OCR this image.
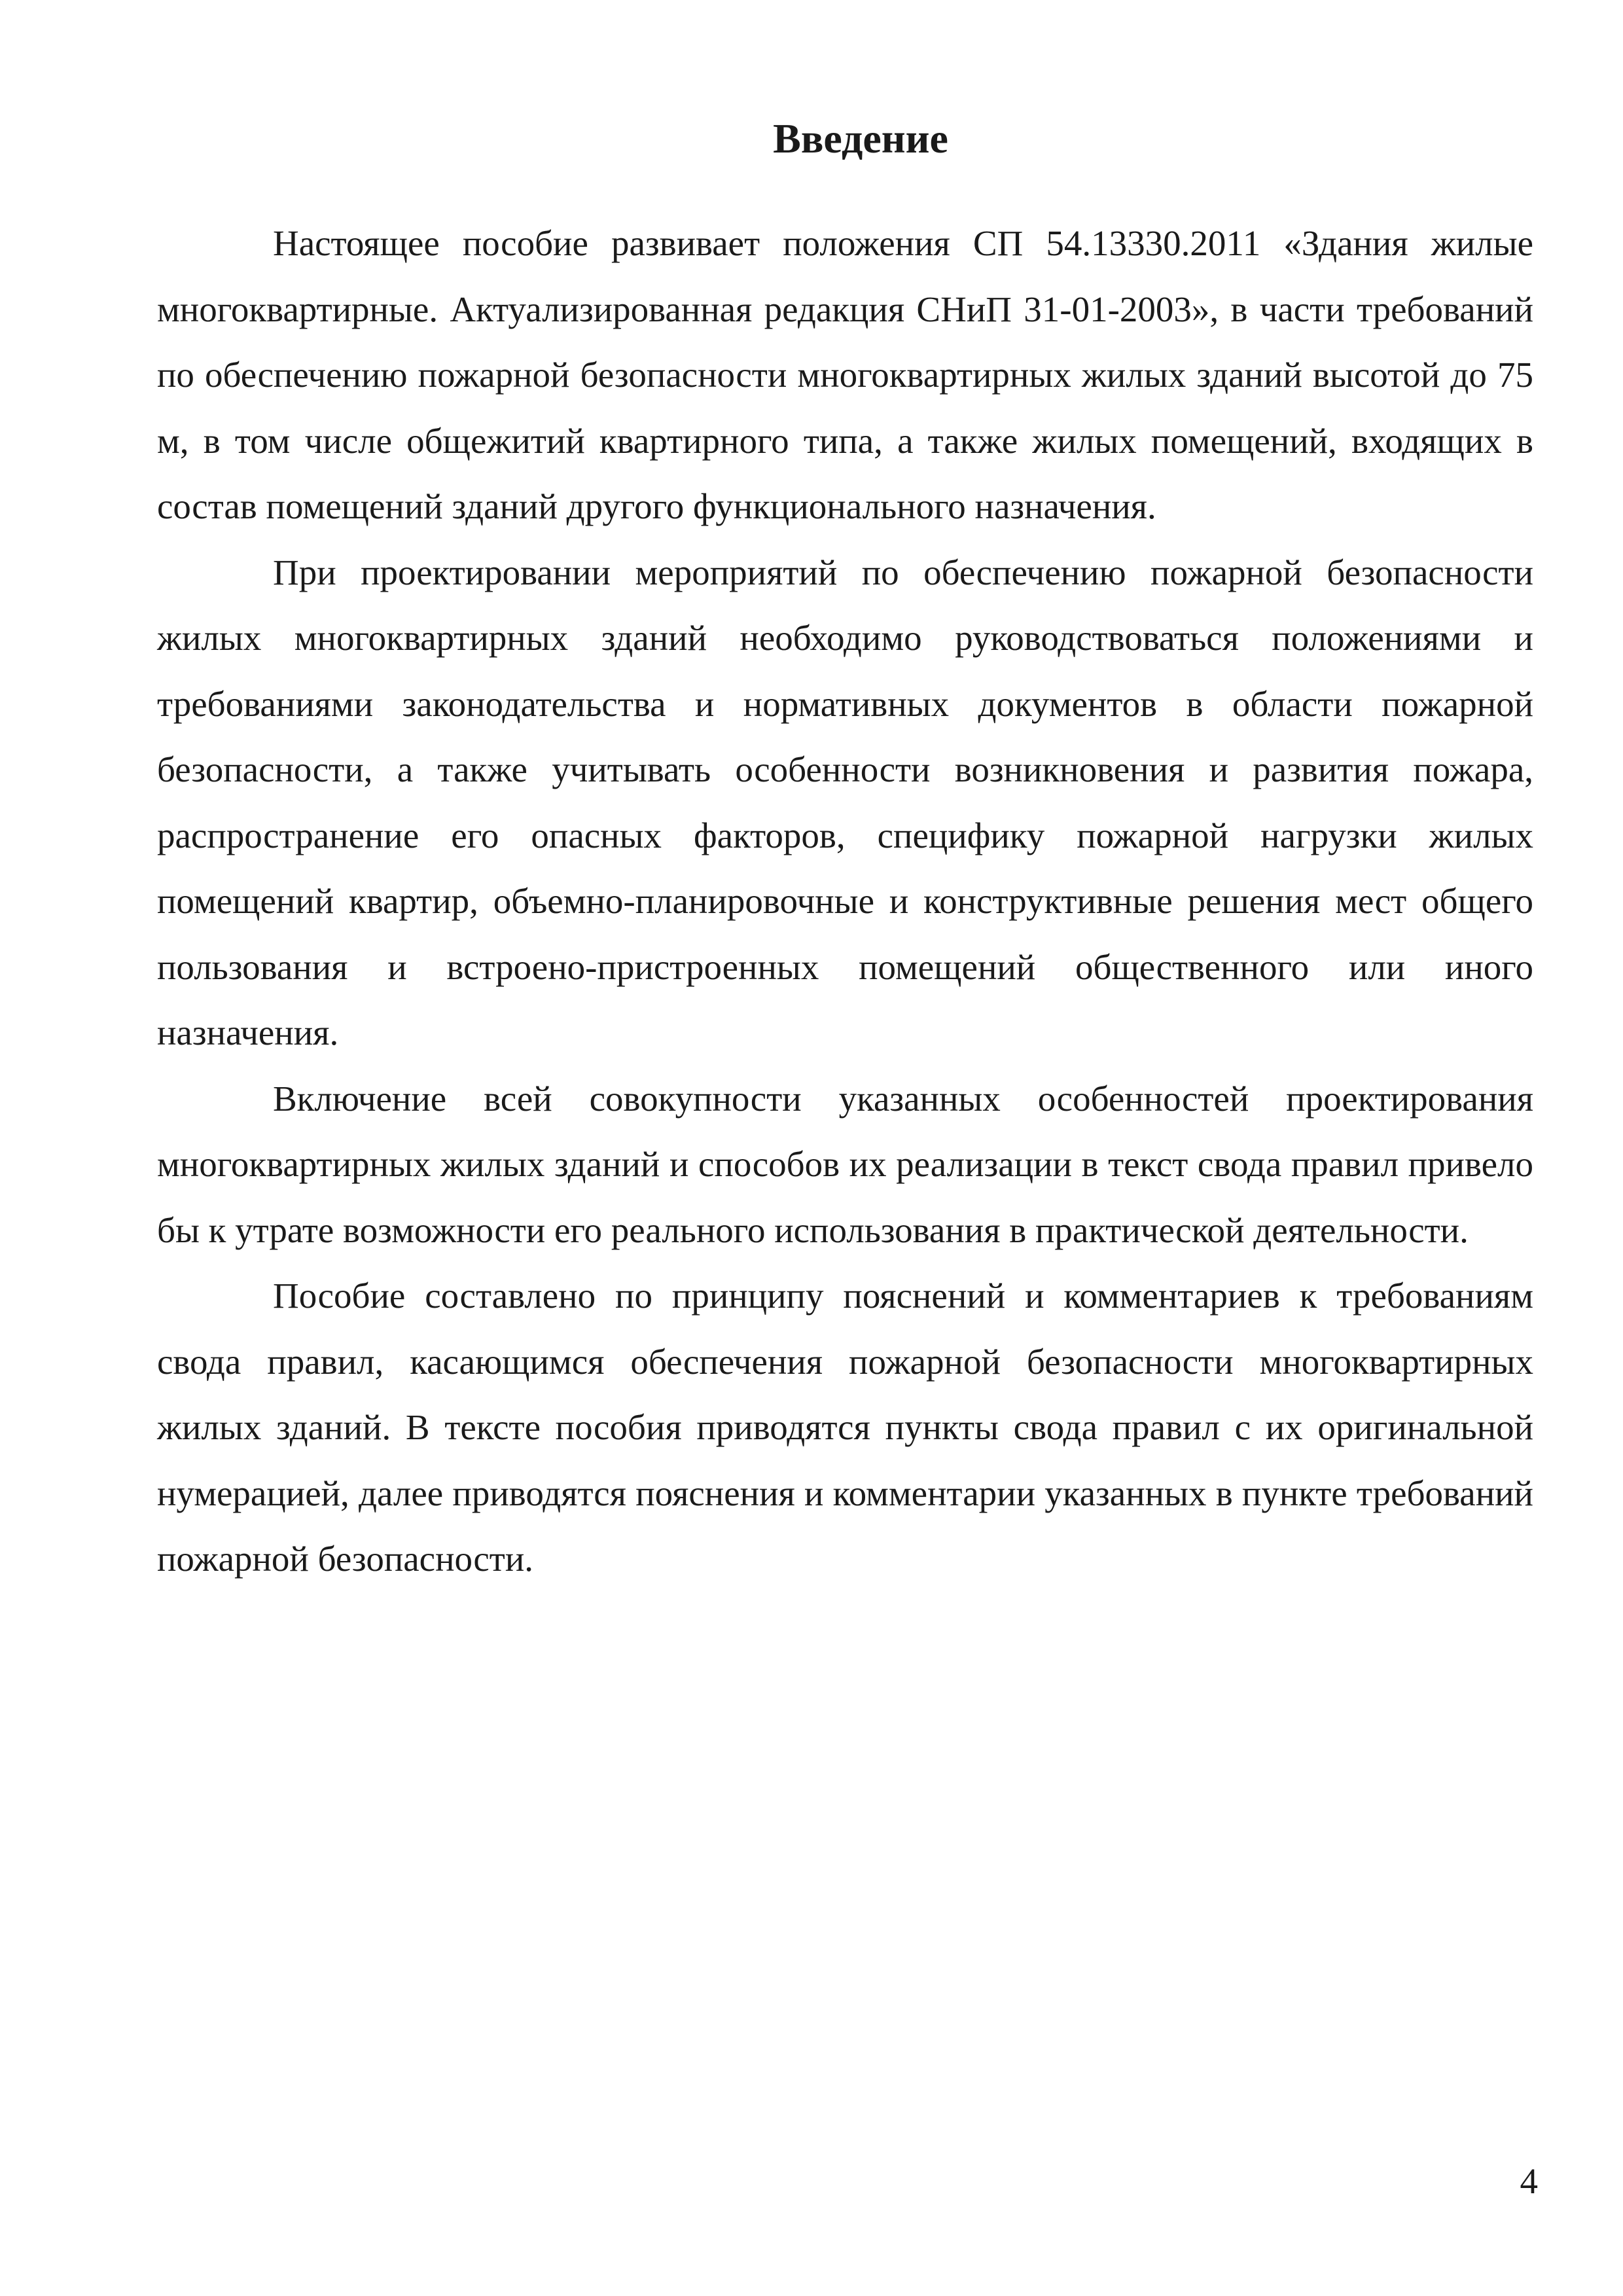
Введение

Настоящее пособие развивает положения СП 54.13330.2011 «Здания жилые многоквартирные. Актуализированная редакция СНиП 31-01-2003», в части требований по обеспечению пожарной безопасности многоквартирных жилых зданий высотой до 75 м, в том числе общежитий квартирного типа, а также жилых помещений, входящих в состав помещений зданий другого функционального назначения.

При проектировании мероприятий по обеспечению пожарной безопасности жилых многоквартирных зданий необходимо руководствоваться положениями и требованиями законодательства и нормативных документов в области пожарной безопасности, а также учитывать особенности возникновения и развития пожара, распространение его опасных факторов, специфику пожарной нагрузки жилых помещений квартир, объемно-планировочные и конструктивные решения мест общего пользования и встроено-пристроенных помещений общественного или иного назначения.

Включение всей совокупности указанных особенностей проектирования многоквартирных жилых зданий и способов их реализации в текст свода правил привело бы к утрате возможности его реального использования в практической деятельности.

Пособие составлено по принципу пояснений и комментариев к требованиям свода правил, касающимся обеспечения пожарной безопасности многоквартирных жилых зданий. В тексте пособия приводятся пункты свода правил с их оригинальной нумерацией, далее приводятся пояснения и комментарии указанных в пункте требований пожарной безопасности.

4
